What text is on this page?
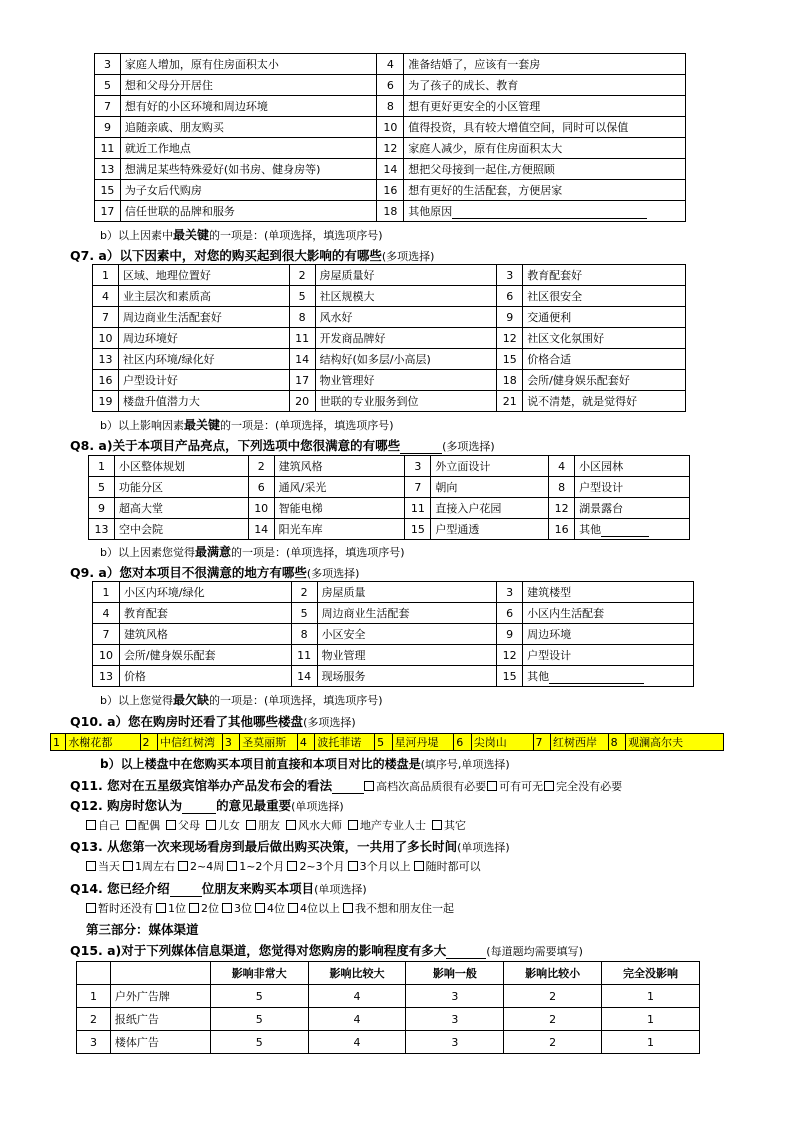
3	家庭人增加，原有住房面积太小	4	准备结婚了，应该有一套房
5	想和父母分开居住	6	为了孩子的成长、教育
7	想有好的小区环境和周边环境	8	想有更好更安全的小区管理
9	追随亲戚、朋友购买	10	值得投资，具有较大增值空间，同时可以保值
11	就近工作地点	12	家庭人减少，原有住房面积太大
13	想满足某些特殊爱好(如书房、健身房等)	14	想把父母接到一起住,方便照顾
15	为子女后代购房	16	想有更好的生活配套，方便居家
17	信任世联的品牌和服务	18	其他原因
b）以上因素中最关键的一项是：(单项选择，填选项序号)
Q7. a）以下因素中，对您的购买起到很大影响的有哪些(多项选择)
1	区域、地理位置好	2	房屋质量好	3	教育配套好
4	业主层次和素质高	5	社区规模大	6	社区很安全
7	周边商业生活配套好	8	风水好	9	交通便利
10	周边环境好	11	开发商品牌好	12	社区文化氛围好
13	社区内环境/绿化好	14	结构好(如多层/小高层)	15	价格合适
16	户型设计好	17	物业管理好	18	会所/健身娱乐配套好
19	楼盘升值潜力大	20	世联的专业服务到位	21	说不清楚，就是觉得好
b）以上影响因素最关键的一项是：(单项选择，填选项序号)
Q8. a)关于本项目产品亮点，下列选项中您很满意的有哪些	(多项选择)
1	小区整体规划	2	建筑风格	3	外立面设计	4	小区园林
5	功能分区	6	通风/采光	7	朝向	8	户型设计
9	超高大堂	10	智能电梯	11	直接入户花园	12	湖景露台
13	空中会院	14	阳光车库	15	户型通透	16	其他
b）以上因素您觉得最满意的一项是：(单项选择，填选项序号)
Q9. a）您对本项目不很满意的地方有哪些(多项选择)
1	小区内环境/绿化	2	房屋质量	3	建筑楼型
4	教育配套	5	周边商业生活配套	6	小区内生活配套
7	建筑风格	8	小区安全	9	周边环境
10	会所/健身娱乐配套	11	物业管理	12	户型设计
13	价格	14	现场服务	15	其他
b）以上您觉得最欠缺的一项是：(单项选择，填选项序号)
Q10. a）您在购房时还看了其他哪些楼盘(多项选择)
1	水榭花都	2	中信红树湾	3	圣莫丽斯	4	波托菲诺	5	星河丹堤	6	尖岗山	7	红树西岸	8	观澜高尔夫
b）以上楼盘中在您购买本项目前直接和本项目对比的楼盘是(填序号,单项选择)
Q11. 您对在五星级宾馆举办产品发布会的看法	高档次高品质很有必要 可有可无 完全没有必要
Q12. 购房时您认为	的意见最重要(单项选择)
自己 配偶 父母 儿女 朋友 风水大师 地产专业人士 其它
Q13. 从您第一次来现场看房到最后做出购买决策，一共用了多长时间(单项选择)
当天 1周左右 2~4周 1~2个月 2~3个月 3个月以上 随时都可以
Q14. 您已经介绍	位朋友来购买本项目(单项选择)
暂时还没有 1位 2位 3位 4位 4位以上 我不想和朋友住一起
第三部分：媒体渠道
Q15. a)对于下列媒体信息渠道，您觉得对您购房的影响程度有多大	(每道题均需要填写)
		影响非常大	影响比较大	影响一般	影响比较小	完全没影响
1	户外广告牌	5	4	3	2	1
2	报纸广告	5	4	3	2	1
3	楼体广告	5	4	3	2	1
